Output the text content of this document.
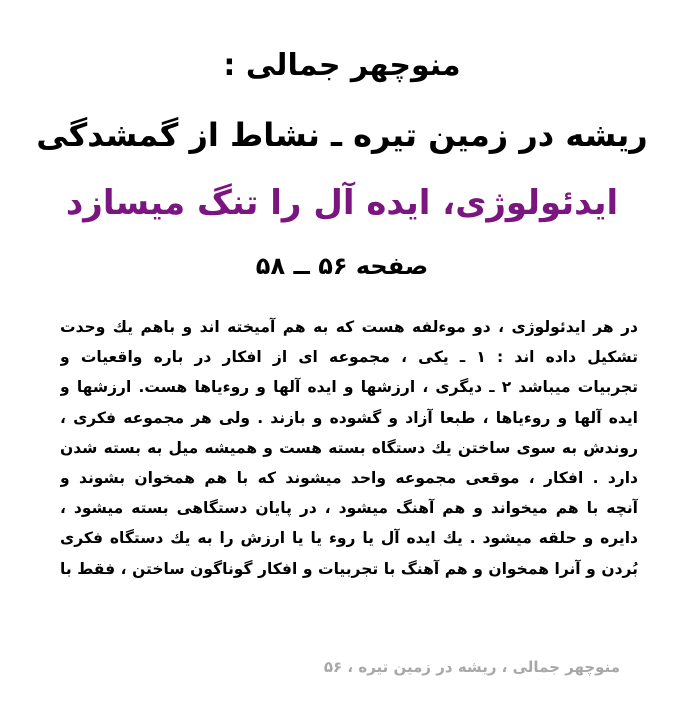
منوچهر جمالی :
ریشه در زمین تیره ـ نشاط از گمشدگی
ایدئولوژی، ایده آل را تنگ میسازد
صفحه ۵۶ ــ ۵۸
در هر ایدئولوژی ، دو موءلفه هست که به هم آمیخته اند و باهم یك وحدت
تشکیل داده اند : ۱ ـ یکی ، مجموعه ای از افکار در باره واقعیات و
تجربیات میباشد ۲ ـ دیگری ، ارزشها و ایده آلها و روءیاها هست. ارزشها و
ایده آلها و روءیاها ، طبعا آزاد و گشوده و بازند . ولی هر مجموعه فکری ،
روندش به سوی ساختن یك دستگاه بسته هست و همیشه میل به بسته شدن
دارد . افکار ، موقعی مجموعه واحد میشوند که با هم همخوان بشوند و
آنچه با هم میخواند و هم آهنگ میشود ، در پایان دستگاهی بسته میشود ،
دایره و حلقه میشود . یك ایده آل یا روء یا یا ارزش را به یك دستگاه فکری
بُردن و آنرا همخوان و هم آهنگ با تجربیات و افکار گوناگون ساختن ، فقط با
منوچهر جمالی ، ریشه در زمین تیره ، ۵۶
